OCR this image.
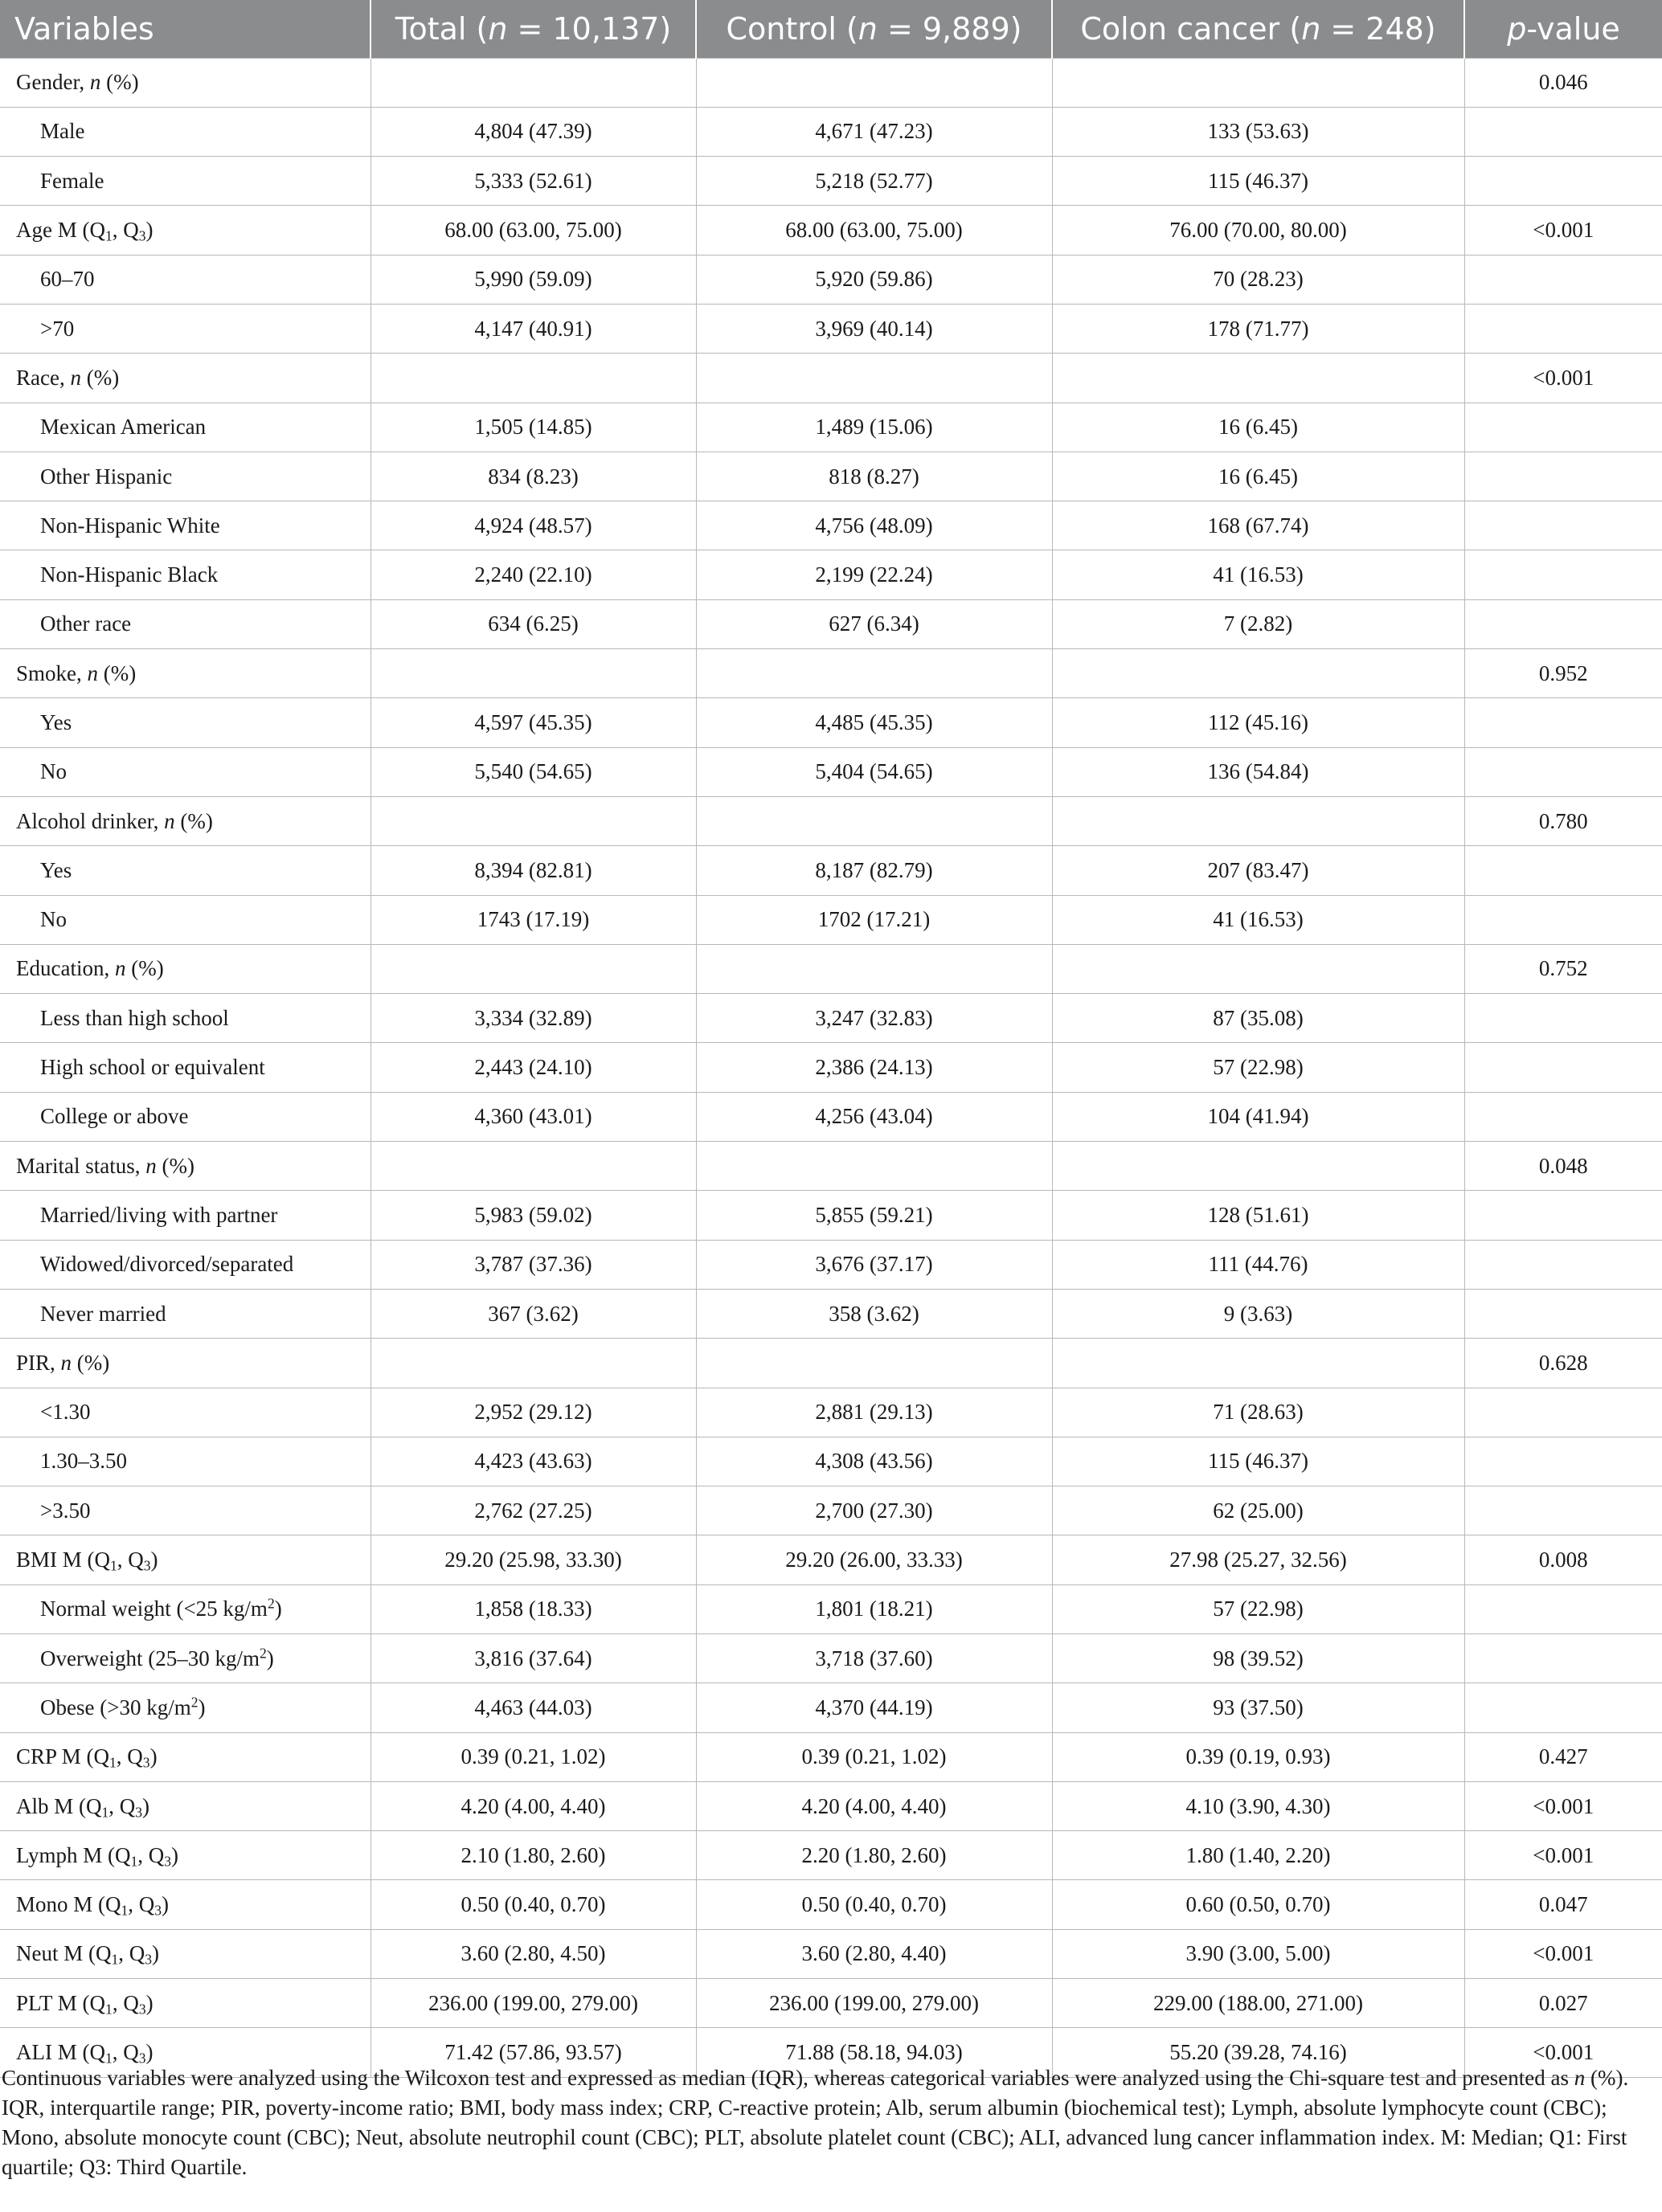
Variables	Total (n = 10,137)	Control (n = 9,889)	Colon cancer (n = 248)	p-value
Gender, n (%)				0.046
Male	4,804 (47.39)	4,671 (47.23)	133 (53.63)	
Female	5,333 (52.61)	5,218 (52.77)	115 (46.37)	
Age M ($Q_1$, $Q_3$)	68.00 (63.00, 75.00)	68.00 (63.00, 75.00)	76.00 (70.00, 80.00)	<0.001
60–70	5,990 (59.09)	5,920 (59.86)	70 (28.23)	
>70	4,147 (40.91)	3,969 (40.14)	178 (71.77)	
Race, n (%)				<0.001
Mexican American	1,505 (14.85)	1,489 (15.06)	16 (6.45)	
Other Hispanic	834 (8.23)	818 (8.27)	16 (6.45)	
Non-Hispanic White	4,924 (48.57)	4,756 (48.09)	168 (67.74)	
Non-Hispanic Black	2,240 (22.10)	2,199 (22.24)	41 (16.53)	
Other race	634 (6.25)	627 (6.34)	7 (2.82)	
Smoke, n (%)				0.952
Yes	4,597 (45.35)	4,485 (45.35)	112 (45.16)	
No	5,540 (54.65)	5,404 (54.65)	136 (54.84)	
Alcohol drinker, n (%)				0.780
Yes	8,394 (82.81)	8,187 (82.79)	207 (83.47)	
No	1743 (17.19)	1702 (17.21)	41 (16.53)	
Education, n (%)				0.752
Less than high school	3,334 (32.89)	3,247 (32.83)	87 (35.08)	
High school or equivalent	2,443 (24.10)	2,386 (24.13)	57 (22.98)	
College or above	4,360 (43.01)	4,256 (43.04)	104 (41.94)	
Marital status, n (%)				0.048
Married/living with partner	5,983 (59.02)	5,855 (59.21)	128 (51.61)	
Widowed/divorced/separated	3,787 (37.36)	3,676 (37.17)	111 (44.76)	
Never married	367 (3.62)	358 (3.62)	9 (3.63)	
PIR, n (%)				0.628
<1.30	2,952 (29.12)	2,881 (29.13)	71 (28.63)	
1.30–3.50	4,423 (43.63)	4,308 (43.56)	115 (46.37)	
>3.50	2,762 (27.25)	2,700 (27.30)	62 (25.00)	
BMI M ($Q_1$, $Q_3$)	29.20 (25.98, 33.30)	29.20 (26.00, 33.33)	27.98 (25.27, 32.56)	0.008
Normal weight (<25 $kg/m^2$)	1,858 (18.33)	1,801 (18.21)	57 (22.98)	
Overweight (25–30 $kg/m^2$)	3,816 (37.64)	3,718 (37.60)	98 (39.52)	
Obese (>30 $kg/m^2$)	4,463 (44.03)	4,370 (44.19)	93 (37.50)	
CRP M ($Q_1$, $Q_3$)	0.39 (0.21, 1.02)	0.39 (0.21, 1.02)	0.39 (0.19, 0.93)	0.427
Alb M ($Q_1$, $Q_3$)	4.20 (4.00, 4.40)	4.20 (4.00, 4.40)	4.10 (3.90, 4.30)	<0.001
Lymph M ($Q_1$, $Q_3$)	2.10 (1.80, 2.60)	2.20 (1.80, 2.60)	1.80 (1.40, 2.20)	<0.001
Mono M ($Q_1$, $Q_3$)	0.50 (0.40, 0.70)	0.50 (0.40, 0.70)	0.60 (0.50, 0.70)	0.047
Neut M ($Q_1$, $Q_3$)	3.60 (2.80, 4.50)	3.60 (2.80, 4.40)	3.90 (3.00, 5.00)	<0.001
PLT M ($Q_1$, $Q_3$)	236.00 (199.00, 279.00)	236.00 (199.00, 279.00)	229.00 (188.00, 271.00)	0.027
ALI M ($Q_1$, $Q_3$)	71.42 (57.86, 93.57)	71.88 (58.18, 94.03)	55.20 (39.28, 74.16)	<0.001

Continuous variables were analyzed using the Wilcoxon test and expressed as median (IQR), whereas categorical variables were analyzed using the Chi-square test and presented as n (%). IQR, interquartile range; PIR, poverty-income ratio; BMI, body mass index; CRP, C-reactive protein; Alb, serum albumin (biochemical test); Lymph, absolute lymphocyte count (CBC); Mono, absolute monocyte count (CBC); Neut, absolute neutrophil count (CBC); PLT, absolute platelet count (CBC); ALI, advanced lung cancer inflammation index. M: Median; Q1: First quartile; Q3: Third Quartile.
